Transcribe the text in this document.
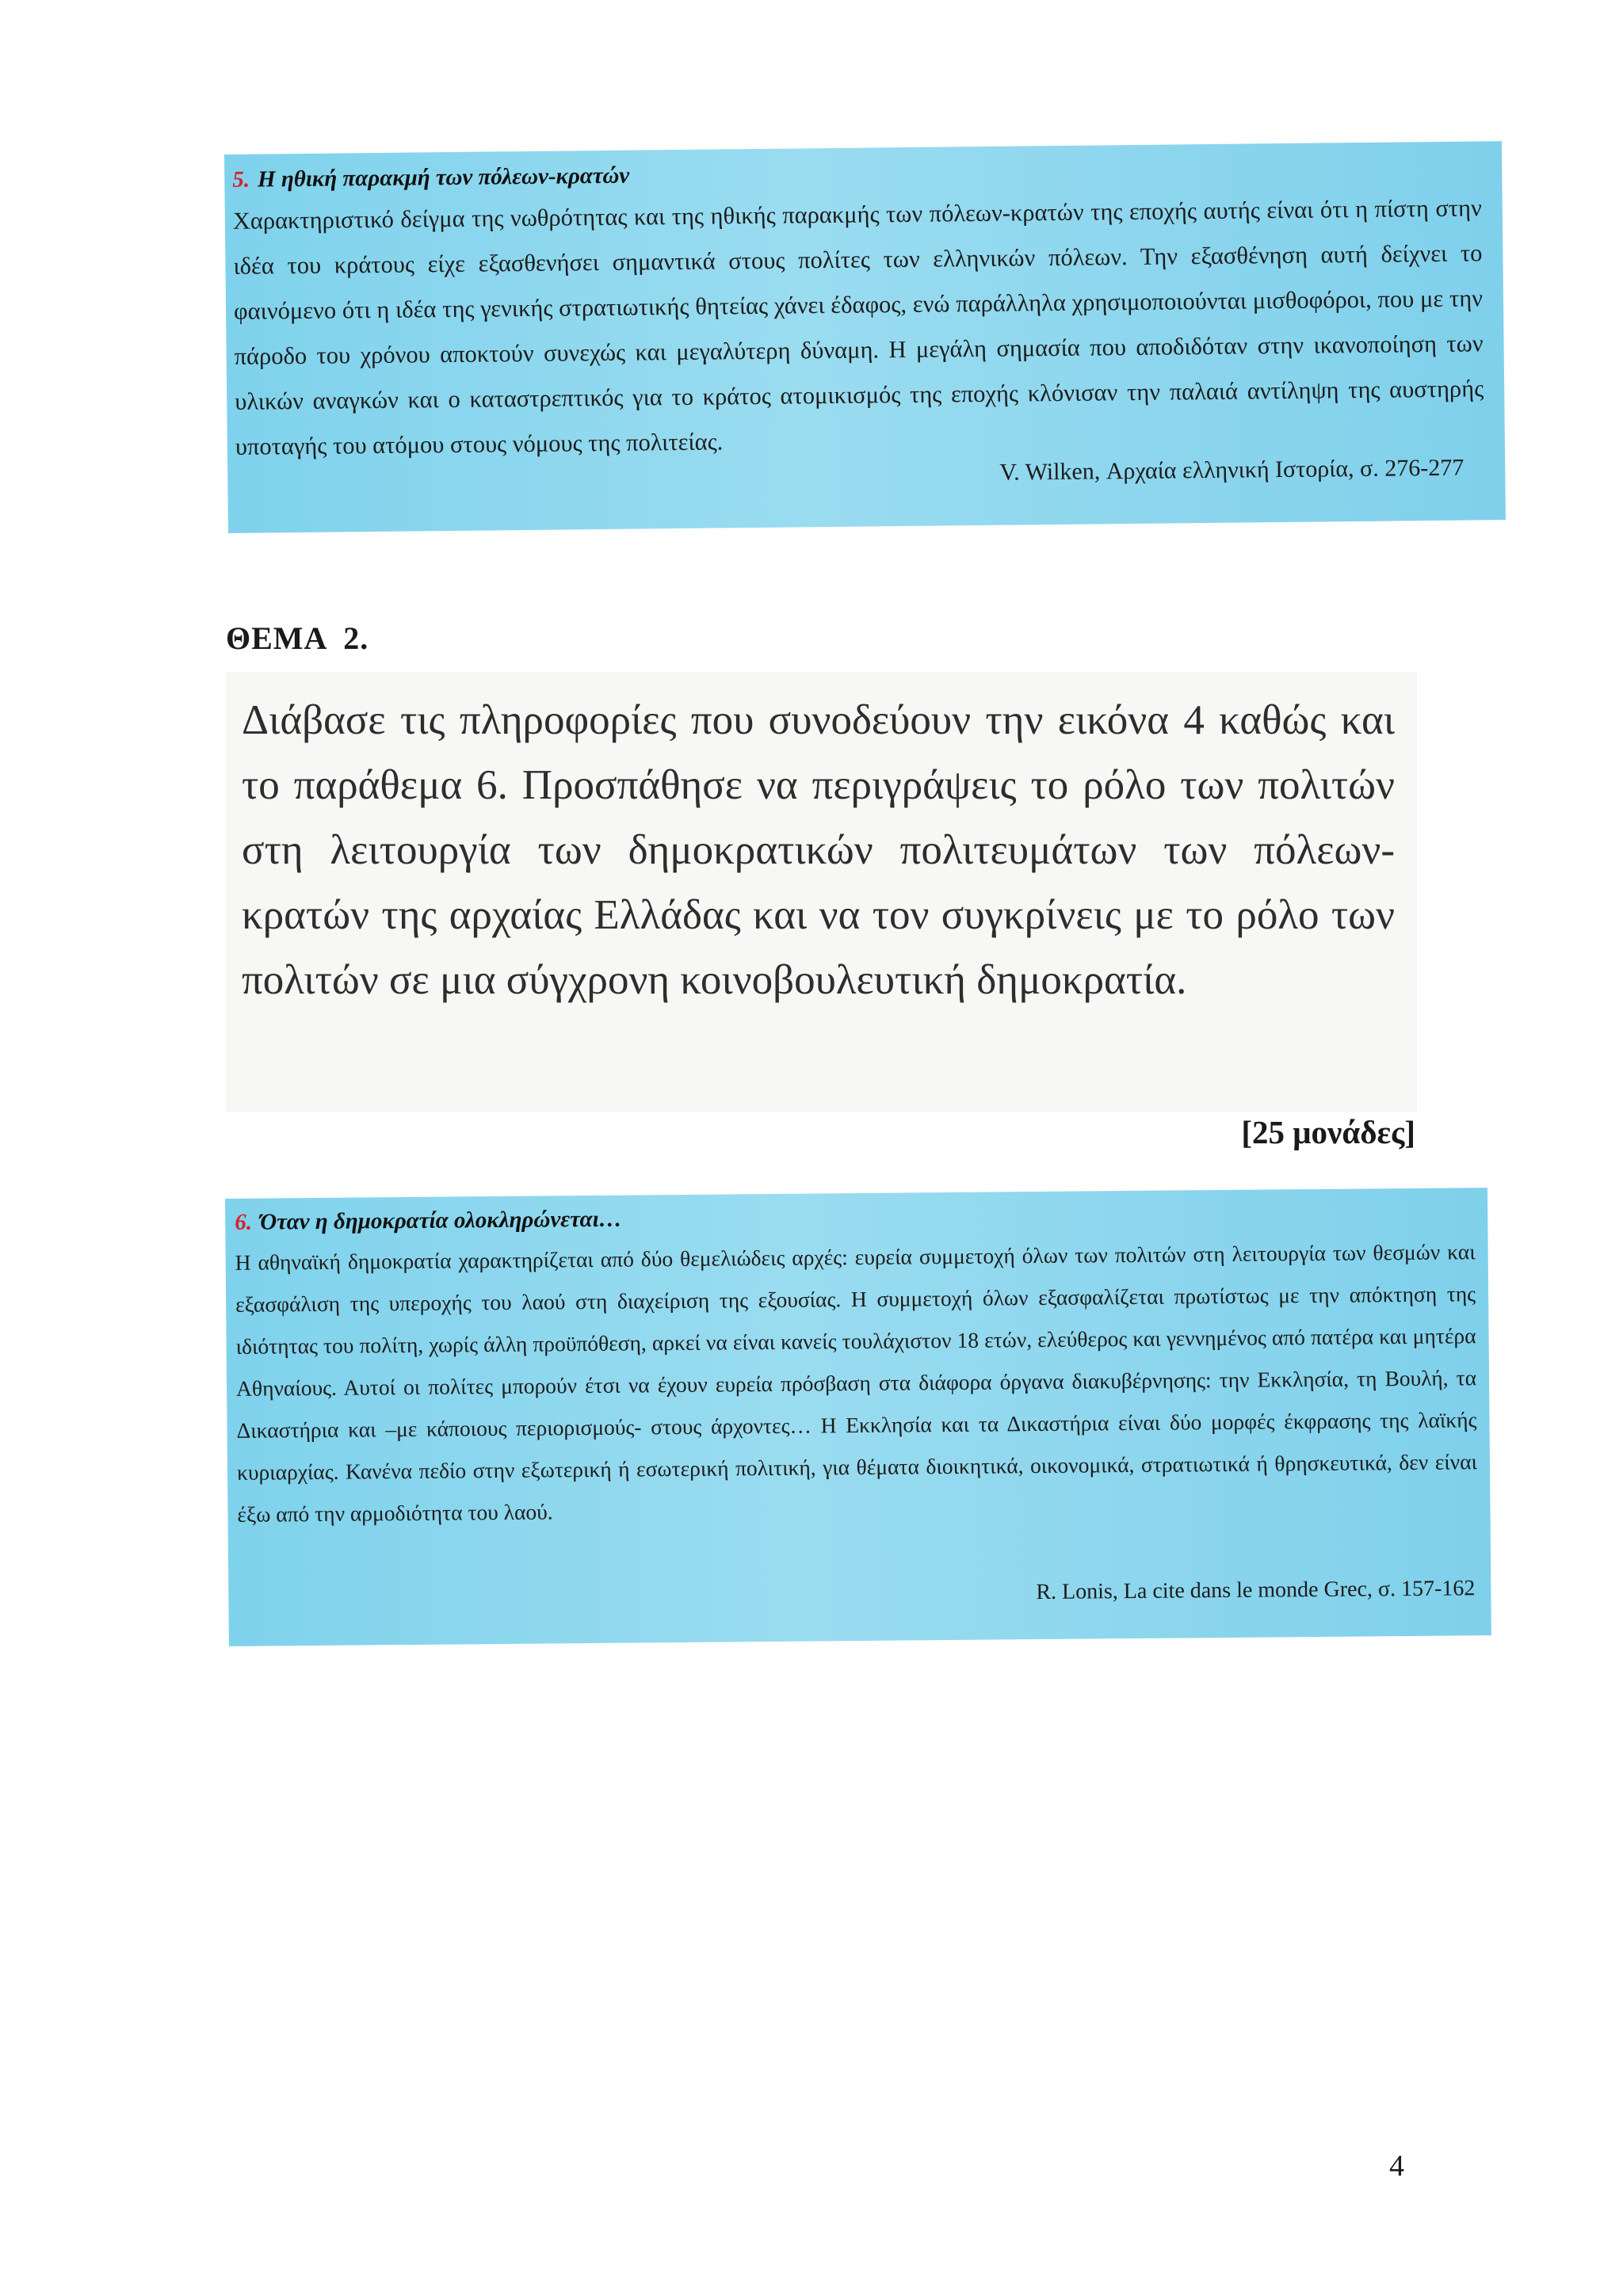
5. Η ηθική παρακμή των πόλεων-κρατών

Χαρακτηριστικό δείγμα της νωθρότητας και της ηθικής παρακμής των πόλεων-κρατών της εποχής αυτής είναι ότι η πίστη στην ιδέα του κράτους είχε εξασθενήσει σημαντικά στους πολίτες των ελληνικών πόλεων. Την εξασθένηση αυτή δείχνει το φαινόμενο ότι η ιδέα της γενικής στρατιωτικής θητείας χάνει έδαφος, ενώ παράλληλα χρησιμοποιούνται μισθοφόροι, που με την πάροδο του χρόνου αποκτούν συνεχώς και μεγαλύτερη δύναμη. Η μεγάλη σημασία που αποδιδόταν στην ικανοποίηση των υλικών αναγκών και ο καταστρεπτικός για το κράτος ατομικισμός της εποχής κλόνισαν την παλαιά αντίληψη της αυστηρής υποταγής του ατόμου στους νόμους της πολιτείας.

V. Wilken, Αρχαία ελληνική Ιστορία, σ. 276-277
ΘΕΜΑ  2.

Διάβασε τις πληροφορίες που συνοδεύουν την εικόνα 4 καθώς και το παράθεμα 6. Προσπάθησε να περιγράψεις το ρόλο των πολιτών στη λειτουργία των δημοκρατικών πολιτευμάτων των πόλεων-κρατών της αρχαίας Ελλάδας και να τον συγκρίνεις με το ρόλο των πολιτών σε μια σύγχρονη κοινοβουλευτική δημοκρατία.

[25 μονάδες]

6. Όταν η δημοκρατία ολοκληρώνεται…

Η αθηναϊκή δημοκρατία χαρακτηρίζεται από δύο θεμελιώδεις αρχές: ευρεία συμμετοχή όλων των πολιτών στη λειτουργία των θεσμών και εξασφάλιση της υπεροχής του λαού στη διαχείριση της εξουσίας. Η συμμετοχή όλων εξασφαλίζεται πρωτίστως με την απόκτηση της ιδιότητας του πολίτη, χωρίς άλλη προϋπόθεση, αρκεί να είναι κανείς τουλάχιστον 18 ετών, ελεύθερος και γεννημένος από πατέρα και μητέρα Αθηναίους. Αυτοί οι πολίτες μπορούν έτσι να έχουν ευρεία πρόσβαση στα διάφορα όργανα διακυβέρνησης: την Εκκλησία, τη Βουλή, τα Δικαστήρια και –με κάποιους περιορισμούς- στους άρχοντες… Η Εκκλησία και τα Δικαστήρια είναι δύο μορφές έκφρασης της λαϊκής κυριαρχίας. Κανένα πεδίο στην εξωτερική ή εσωτερική πολιτική, για θέματα διοικητικά, οικονομικά, στρατιωτικά ή θρησκευτικά, δεν είναι έξω από την αρμοδιότητα του λαού.

R. Lonis, La cite dans le monde Grec, σ. 157-162

4
